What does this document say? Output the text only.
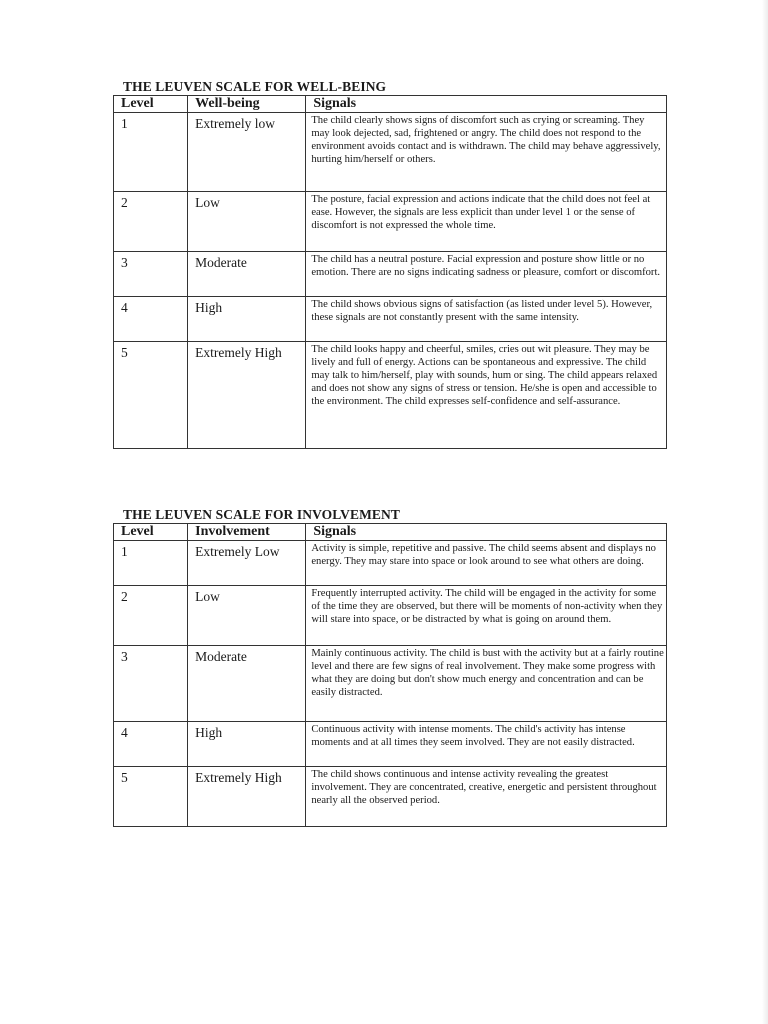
THE LEUVEN SCALE FOR WELL-BEING
Level	Well-being	Signals
1	Extremely low	The child clearly shows signs of discomfort such as crying or screaming. They may look dejected, sad, frightened or angry. The child does not respond to the environment avoids contact and is withdrawn. The child may behave aggressively, hurting him/herself or others.
2	Low	The posture, facial expression and actions indicate that the child does not feel at ease. However, the signals are less explicit than under level 1 or the sense of discomfort is not expressed the whole time.
3	Moderate	The child has a neutral posture. Facial expression and posture show little or no emotion. There are no signs indicating sadness or pleasure, comfort or discomfort.
4	High	The child shows obvious signs of satisfaction (as listed under level 5). However, these signals are not constantly present with the same intensity.
5	Extremely High	The child looks happy and cheerful, smiles, cries out wit pleasure. They may be lively and full of energy. Actions can be spontaneous and expressive. The child may talk to him/herself, play with sounds, hum or sing. The child appears relaxed and does not show any signs of stress or tension. He/she is open and accessible to the environment. The child expresses self-confidence and self-assurance.
THE LEUVEN SCALE FOR INVOLVEMENT
Level	Involvement	Signals
1	Extremely Low	Activity is simple, repetitive and passive. The child seems absent and displays no energy. They may stare into space or look around to see what others are doing.
2	Low	Frequently interrupted activity. The child will be engaged in the activity for some of the time they are observed, but there will be moments of non-activity when they will stare into space, or be distracted by what is going on around them.
3	Moderate	Mainly continuous activity. The child is bust with the activity but at a fairly routine level and there are few signs of real involvement. They make some progress with what they are doing but don't show much energy and concentration and can be easily distracted.
4	High	Continuous activity with intense moments. The child's activity has intense moments and at all times they seem involved. They are not easily distracted.
5	Extremely High	The child shows continuous and intense activity revealing the greatest involvement. They are concentrated, creative, energetic and persistent throughout nearly all the observed period.
